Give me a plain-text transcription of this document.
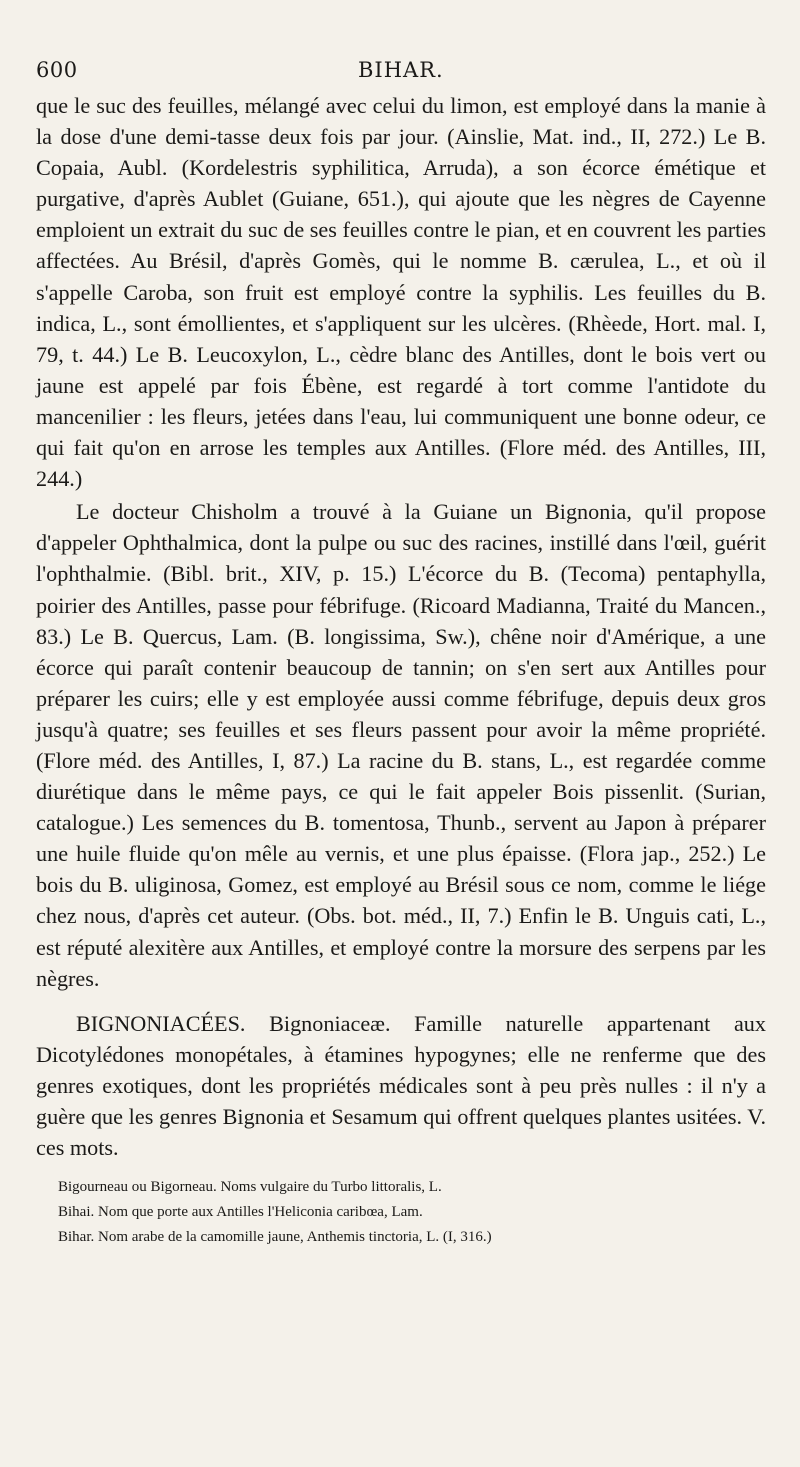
600	BIHAR.

que le suc des feuilles, mélangé avec celui du limon, est employé dans la manie à la dose d'une demi-tasse deux fois par jour. (Ainslie, Mat. ind., II, 272.) Le B. Copaia, Aubl. (Kordelestris syphilitica, Arruda), a son écorce émétique et purgative, d'après Aublet (Guiane, 651.), qui ajoute que les nègres de Cayenne emploient un extrait du suc de ses feuilles contre le pian, et en couvrent les parties affectées. Au Brésil, d'après Gomès, qui le nomme B. cærulea, L., et où il s'appelle Caroba, son fruit est employé contre la syphilis. Les feuilles du B. indica, L., sont émollientes, et s'appliquent sur les ulcères. (Rhèede, Hort. mal. I, 79, t. 44.) Le B. Leucoxylon, L., cèdre blanc des Antilles, dont le bois vert ou jaune est appelé par fois Ébène, est regardé à tort comme l'antidote du mancenilier : les fleurs, jetées dans l'eau, lui communiquent une bonne odeur, ce qui fait qu'on en arrose les temples aux Antilles. (Flore méd. des Antilles, III, 244.)

Le docteur Chisholm a trouvé à la Guiane un Bignonia, qu'il propose d'appeler Ophthalmica, dont la pulpe ou suc des racines, instillé dans l'œil, guérit l'ophthalmie. (Bibl. brit., XIV, p. 15.) L'écorce du B. (Tecoma) pentaphylla, poirier des Antilles, passe pour fébrifuge. (Ricoard Madianna, Traité du Mancen., 83.) Le B. Quercus, Lam. (B. longissima, Sw.), chêne noir d'Amérique, a une écorce qui paraît contenir beaucoup de tannin; on s'en sert aux Antilles pour préparer les cuirs; elle y est employée aussi comme fébrifuge, depuis deux gros jusqu'à quatre; ses feuilles et ses fleurs passent pour avoir la même propriété. (Flore méd. des Antilles, I, 87.) La racine du B. stans, L., est regardée comme diurétique dans le même pays, ce qui le fait appeler Bois pissenlit. (Surian, catalogue.) Les semences du B. tomentosa, Thunb., servent au Japon à préparer une huile fluide qu'on mêle au vernis, et une plus épaisse. (Flora jap., 252.) Le bois du B. uliginosa, Gomez, est employé au Brésil sous ce nom, comme le liége chez nous, d'après cet auteur. (Obs. bot. méd., II, 7.) Enfin le B. Unguis cati, L., est réputé alexitère aux Antilles, et employé contre la morsure des serpens par les nègres.

BIGNONIACÉES. Bignoniaceæ. Famille naturelle appartenant aux Dicotylédones monopétales, à étamines hypogynes; elle ne renferme que des genres exotiques, dont les propriétés médicales sont à peu près nulles : il n'y a guère que les genres Bignonia et Sesamum qui offrent quelques plantes usitées. V. ces mots.

Bigourneau ou Bigorneau. Noms vulgaire du Turbo littoralis, L.
Bihai. Nom que porte aux Antilles l'Heliconia caribœa, Lam.
Bihar. Nom arabe de la camomille jaune, Anthemis tinctoria, L. (I, 316.)
